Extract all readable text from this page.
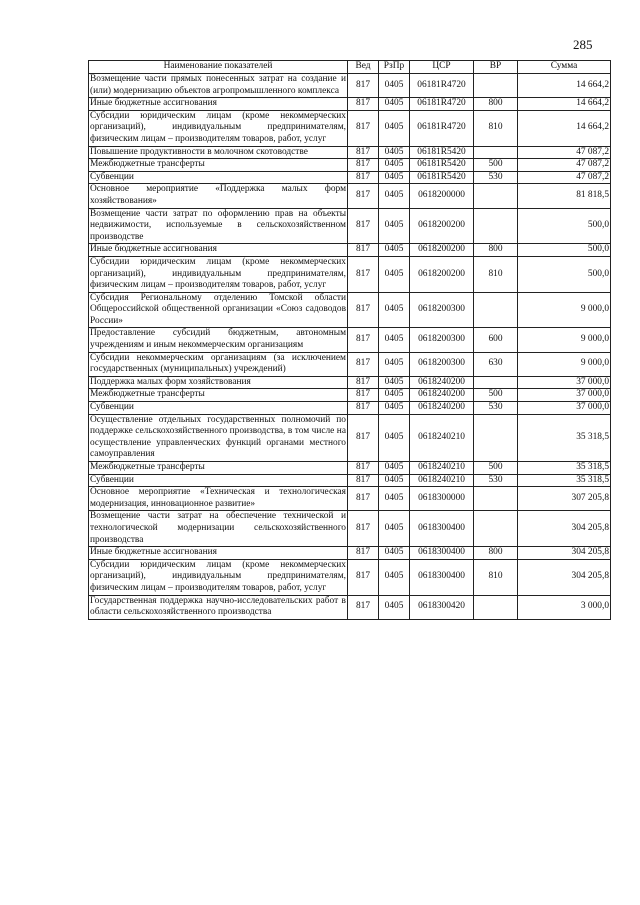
285
Наименование показателей	Вед	РзПр	ЦСР	ВР	Сумма
Возмещение части прямых понесенных затрат на создание и (или) модернизацию объектов агропромышленного комплекса	817	0405	06181R4720		14 664,2
Иные бюджетные ассигнования	817	0405	06181R4720	800	14 664,2
Субсидии юридическим лицам (кроме некоммерческих организаций), индивидуальным предпринимателям, физическим лицам – производителям товаров, работ, услуг	817	0405	06181R4720	810	14 664,2
Повышение продуктивности в молочном скотоводстве	817	0405	06181R5420		47 087,2
Межбюджетные трансферты	817	0405	06181R5420	500	47 087,2
Субвенции	817	0405	06181R5420	530	47 087,2
Основное мероприятие «Поддержка малых форм хозяйствования»	817	0405	0618200000		81 818,5
Возмещение части затрат по оформлению прав на объекты недвижимости, используемые в сельскохозяйственном производстве	817	0405	0618200200		500,0
Иные бюджетные ассигнования	817	0405	0618200200	800	500,0
Субсидии юридическим лицам (кроме некоммерческих организаций), индивидуальным предпринимателям, физическим лицам – производителям товаров, работ, услуг	817	0405	0618200200	810	500,0
Субсидия Региональному отделению Томской области Общероссийской общественной организации «Союз садоводов России»	817	0405	0618200300		9 000,0
Предоставление субсидий бюджетным, автономным учреждениям и иным некоммерческим организациям	817	0405	0618200300	600	9 000,0
Субсидии некоммерческим организациям (за исключением государственных (муниципальных) учреждений)	817	0405	0618200300	630	9 000,0
Поддержка малых форм хозяйствования	817	0405	0618240200		37 000,0
Межбюджетные трансферты	817	0405	0618240200	500	37 000,0
Субвенции	817	0405	0618240200	530	37 000,0
Осуществление отдельных государственных полномочий по поддержке сельскохозяйственного производства, в том числе на осуществление управленческих функций органами местного самоуправления	817	0405	0618240210		35 318,5
Межбюджетные трансферты	817	0405	0618240210	500	35 318,5
Субвенции	817	0405	0618240210	530	35 318,5
Основное мероприятие «Техническая и технологическая модернизация, инновационное развитие»	817	0405	0618300000		307 205,8
Возмещение части затрат на обеспечение технической и технологической модернизации сельскохозяйственного производства	817	0405	0618300400		304 205,8
Иные бюджетные ассигнования	817	0405	0618300400	800	304 205,8
Субсидии юридическим лицам (кроме некоммерческих организаций), индивидуальным предпринимателям, физическим лицам – производителям товаров, работ, услуг	817	0405	0618300400	810	304 205,8
Государственная поддержка научно-исследовательских работ в области сельскохозяйственного производства	817	0405	0618300420		3 000,0
